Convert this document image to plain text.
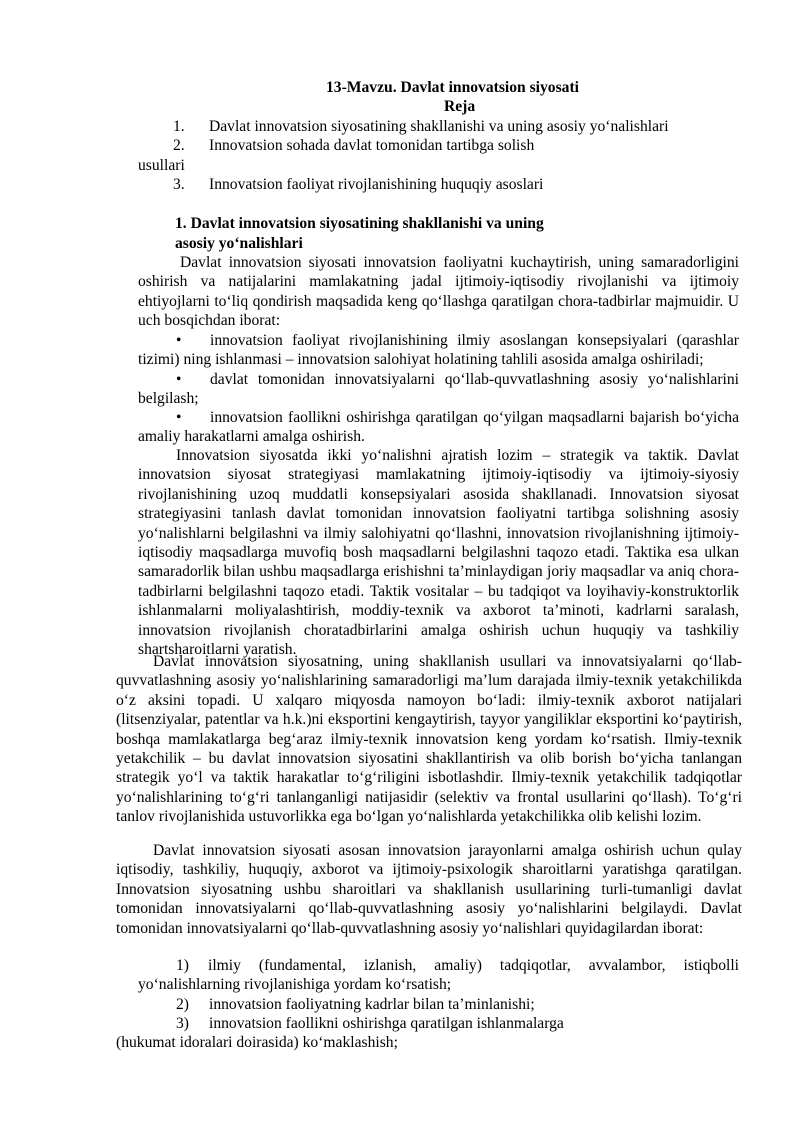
13-Mavzu. Davlat innovatsion siyosati
Reja
1. Davlat innovatsion siyosatining shakllanishi va uning asosiy yo‘nalishlari
2. Innovatsion sohada davlat tomonidan tartibga solish
usullari
3. Innovatsion faoliyat rivojlanishining huquqiy asoslari
1. Davlat innovatsion siyosatining shakllanishi va uning
asosiy yo‘nalishlari

Davlat innovatsion siyosati innovatsion faoliyatni kuchaytirish, uning samaradorligini oshirish va natijalarini mamlakatning jadal ijtimoiy-iqtisodiy rivojlanishi va ijtimoiy ehtiyojlarni to‘liq qondirish maqsadida keng qo‘llashga qaratilgan chora-tadbirlar majmuidir. U uch bosqichdan iborat:

innovatsion faoliyat rivojlanishining ilmiy asoslangan konsepsiyalari (qarashlar tizimi) ning ishlanmasi – innovatsion salohiyat holatining tahlili asosida amalga oshiriladi;

•

davlat tomonidan innovatsiyalarni qo‘llab-quvvatlashning asosiy yo‘nalishlarini belgilash;

•

innovatsion faollikni oshirishga qaratilgan qo‘yilgan maqsadlarni bajarish bo‘yicha amaliy harakatlarni amalga oshirish.

•

Innovatsion siyosatda ikki yo‘nalishni ajratish lozim – strategik va taktik. Davlat innovatsion siyosat strategiyasi mamlakatning ijtimoiy-iqtisodiy va ijtimoiy-siyosiy rivojlanishining uzoq muddatli konsepsiyalari asosida shakllanadi. Innovatsion siyosat strategiyasini tanlash davlat tomonidan innovatsion faoliyatni tartibga solishning asosiy yo‘nalishlarni belgilashni va ilmiy salohiyatni qo‘llashni, innovatsion rivojlanishning ijtimoiy-iqtisodiy maqsadlarga muvofiq bosh maqsadlarni belgilashni taqozo etadi. Taktika esa ulkan samaradorlik bilan ushbu maqsadlarga erishishni ta’minlaydigan joriy maqsadlar va aniq chora-tadbirlarni belgilashni taqozo etadi. Taktik vositalar – bu tadqiqot va loyihaviy-konstruktorlik ishlanmalarni moliyalashtirish, moddiy-texnik va axborot ta’minoti, kadrlarni saralash, innovatsion rivojlanish choratadbirlarini amalga oshirish uchun huquqiy va tashkiliy shartsharoitlarni yaratish.

Davlat innovatsion siyosatning, uning shakllanish usullari va innovatsiyalarni qo‘llab-quvvatlashning asosiy yo‘nalishlarining samaradorligi ma’lum darajada ilmiy-texnik yetakchilikda o‘z aksini topadi. U xalqaro miqyosda namoyon bo‘ladi: ilmiy-texnik axborot natijalari (litsenziyalar, patentlar va h.k.)ni eksportini kengaytirish, tayyor yangiliklar eksportini ko‘paytirish, boshqa mamlakatlarga beg‘araz ilmiy-texnik innovatsion keng yordam ko‘rsatish. Ilmiy-texnik yetakchilik – bu davlat innovatsion siyosatini shakllantirish va olib borish bo‘yicha tanlangan strategik yo‘l va taktik harakatlar to‘g‘riligini isbotlashdir. Ilmiy-texnik yetakchilik tadqiqotlar yo‘nalishlarining to‘g‘ri tanlanganligi natijasidir (selektiv va frontal usullarini qo‘llash). To‘g‘ri tanlov rivojlanishida ustuvorlikka ega bo‘lgan yo‘nalishlarda yetakchilikka olib kelishi lozim.

Davlat innovatsion siyosati asosan innovatsion jarayonlarni amalga oshirish uchun qulay iqtisodiy, tashkiliy, huquqiy, axborot va ijtimoiy-psixologik sharoitlarni yaratishga qaratilgan. Innovatsion siyosatning ushbu sharoitlari va shakllanish usullarining turli-tumanligi davlat tomonidan innovatsiyalarni qo‘llab-quvvatlashning asosiy yo‘nalishlarini belgilaydi. Davlat tomonidan innovatsiyalarni qo‘llab-quvvatlashning asosiy yo‘nalishlari quyidagilardan iborat:

ilmiy (fundamental, izlanish, amaliy) tadqiqotlar, avvalambor, istiqbolli yo‘nalishlarning rivojlanishiga yordam ko‘rsatish;

1)
2) innovatsion faoliyatning kadrlar bilan ta’minlanishi;
3) innovatsion faollikni oshirishga qaratilgan ishlanmalarga
(hukumat idoralari doirasida) ko‘maklashish;
